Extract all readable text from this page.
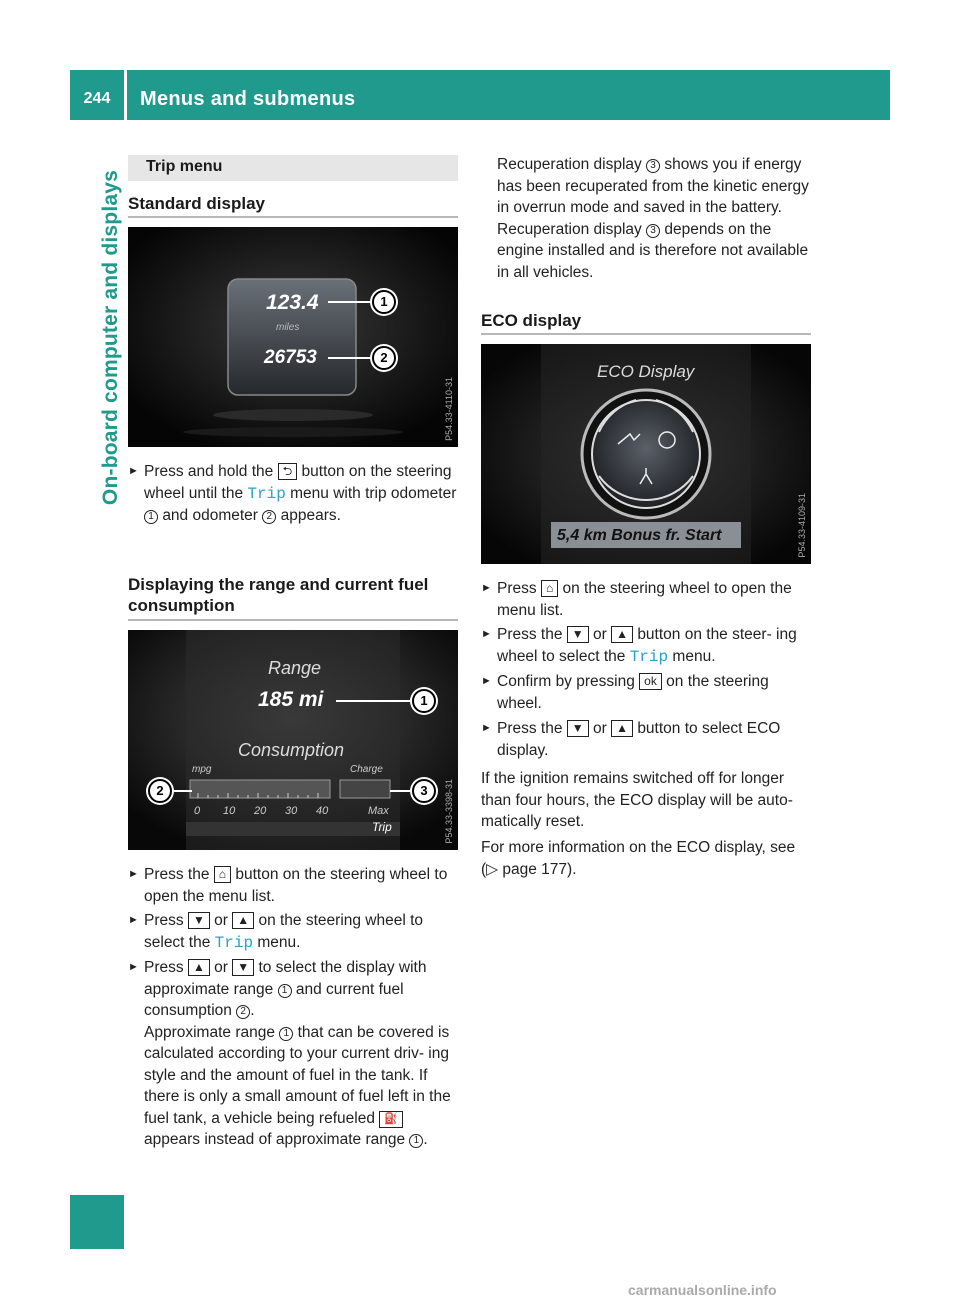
244	Menus and submenus
On-board computer and displays
Trip menu
Standard display
123.4
miles
26753
1
2
P54.33-4110-31
► Press and hold the ⮌ button on the steering wheel until the Trip menu with trip odometer 1 and odometer 2 appears.
Displaying the range and current fuel
consumption
Range
185 mi
Consumption
mpg	Charge
0 10 20 30 40	Max
Trip
1
2	3	P54.33-3398-31
► Press the ⌂ button on the steering wheel to open the menu list.
► Press ▼ or ▲ on the steering wheel to select the Trip menu.
► Press ▲ or ▼ to select the display with approximate range 1 and current fuel consumption 2 .
Approximate range 1 that can be covered is calculated according to your current driv- ing style and the amount of fuel in the tank. If there is only a small amount of fuel left in the fuel tank, a vehicle being refueled ⛽ appears instead of approximate range 1 .
Recuperation display 3 shows you if energy has been recuperated from the kinetic energy in overrun mode and saved in the battery. Recuperation display 3 depends on the engine installed and is therefore not available in all vehicles.
ECO display
ECO Display
5,4 km Bonus fr. Start	P54.33-4109-31
► Press ⌂ on the steering wheel to open the menu list.
► Press the ▼ or ▲ button on the steer- ing wheel to select the Trip menu.
► Confirm by pressing ok on the steering wheel.
► Press the ▼ or ▲ button to select ECO display.
If the ignition remains switched off for longer than four hours, the ECO display will be auto- matically reset.
For more information on the ECO display, see (▷ page 177).
carmanualsonline.info
